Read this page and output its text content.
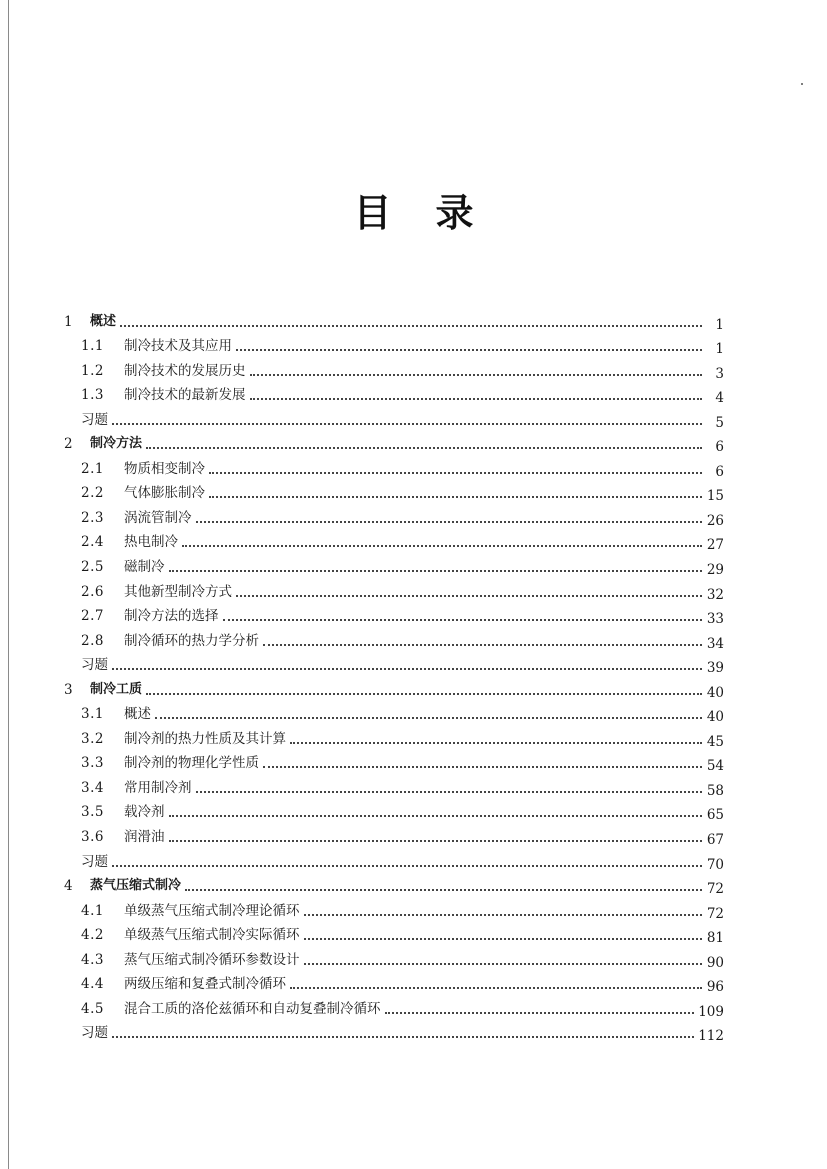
目 录
1	概述	1
1.1	制冷技术及其应用	1
1.2	制冷技术的发展历史	3
1.3	制冷技术的最新发展	4
习题	5
2	制冷方法	6
2.1	物质相变制冷	6
2.2	气体膨胀制冷	15
2.3	涡流管制冷	26
2.4	热电制冷	27
2.5	磁制冷	29
2.6	其他新型制冷方式	32
2.7	制冷方法的选择	33
2.8	制冷循环的热力学分析	34
习题	39
3	制冷工质	40
3.1	概述	40
3.2	制冷剂的热力性质及其计算	45
3.3	制冷剂的物理化学性质	54
3.4	常用制冷剂	58
3.5	载冷剂	65
3.6	润滑油	67
习题	70
4	蒸气压缩式制冷	72
4.1	单级蒸气压缩式制冷理论循环	72
4.2	单级蒸气压缩式制冷实际循环	81
4.3	蒸气压缩式制冷循环参数设计	90
4.4	两级压缩和复叠式制冷循环	96
4.5	混合工质的洛伦兹循环和自动复叠制冷循环	109
习题	112
